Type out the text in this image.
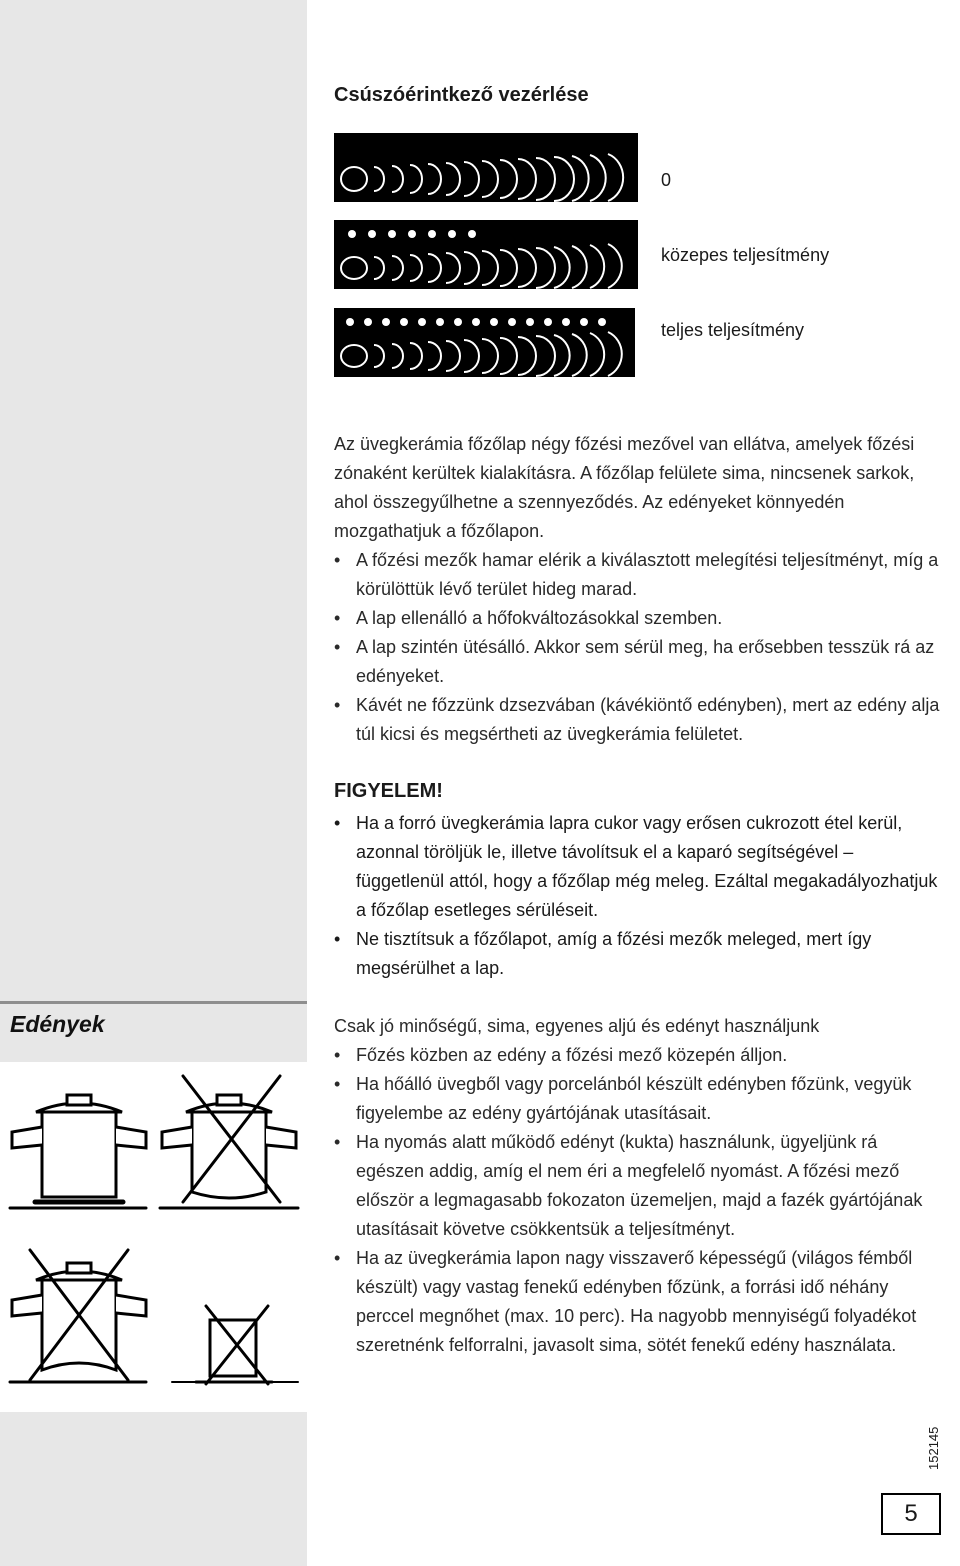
Edények
Csúszóérintkező vezérlése
0
közepes teljesítmény
teljes teljesítmény

Az üvegkerámia főzőlap négy főzési mezővel van ellátva, amelyek főzési zónaként kerültek kialakításra. A főzőlap felülete sima, nincsenek sarkok, ahol összegyűlhetne a szennyeződés. Az edényeket könnyedén mozgathatjuk a főzőlapon.

• A főzési mezők hamar elérik a kiválasztott melegítési teljesítményt, míg a körülöttük lévő terület hideg marad.
• A lap ellenálló a hőfokváltozásokkal szemben.
• A lap szintén ütésálló. Akkor sem sérül meg, ha erősebben tesszük rá az edényeket.
• Kávét ne főzzünk dzsezvában (kávékiöntő edényben), mert az edény alja túl kicsi és megsértheti az üvegkerámia felületet.
FIGYELEM!
• Ha a forró üvegkerámia lapra cukor vagy erősen cukrozott étel kerül, azonnal töröljük le, illetve távolítsuk el a kaparó segítségével – függetlenül attól, hogy a főzőlap még meleg. Ezáltal megakadályozhatjuk a főzőlap esetleges sérüléseit.
• Ne tisztítsuk a főzőlapot, amíg a főzési mezők meleged, mert így megsérülhet a lap.

Csak jó minőségű, sima, egyenes aljú és edényt használjunk

• Főzés közben az edény a főzési mező közepén álljon.
• Ha hőálló üvegből vagy porcelánból készült edényben főzünk, vegyük figyelembe az edény gyártójának utasításait.
• Ha nyomás alatt működő edényt (kukta) használunk, ügyeljünk rá egészen addig, amíg el nem éri a megfelelő nyomást. A főzési mező először a legmagasabb fokozaton üzemeljen, majd a fazék gyártójának utasításait követve csökkentsük a teljesítményt.
• Ha az üvegkerámia lapon nagy visszaverő képességű (világos fémből készült) vagy vastag fenekű edényben főzünk, a forrási idő néhány perccel megnőhet (max. 10 perc). Ha nagyobb mennyiségű folyadékot szeretnénk felforralni, javasolt sima, sötét fenekű edény használata.
152145
5
